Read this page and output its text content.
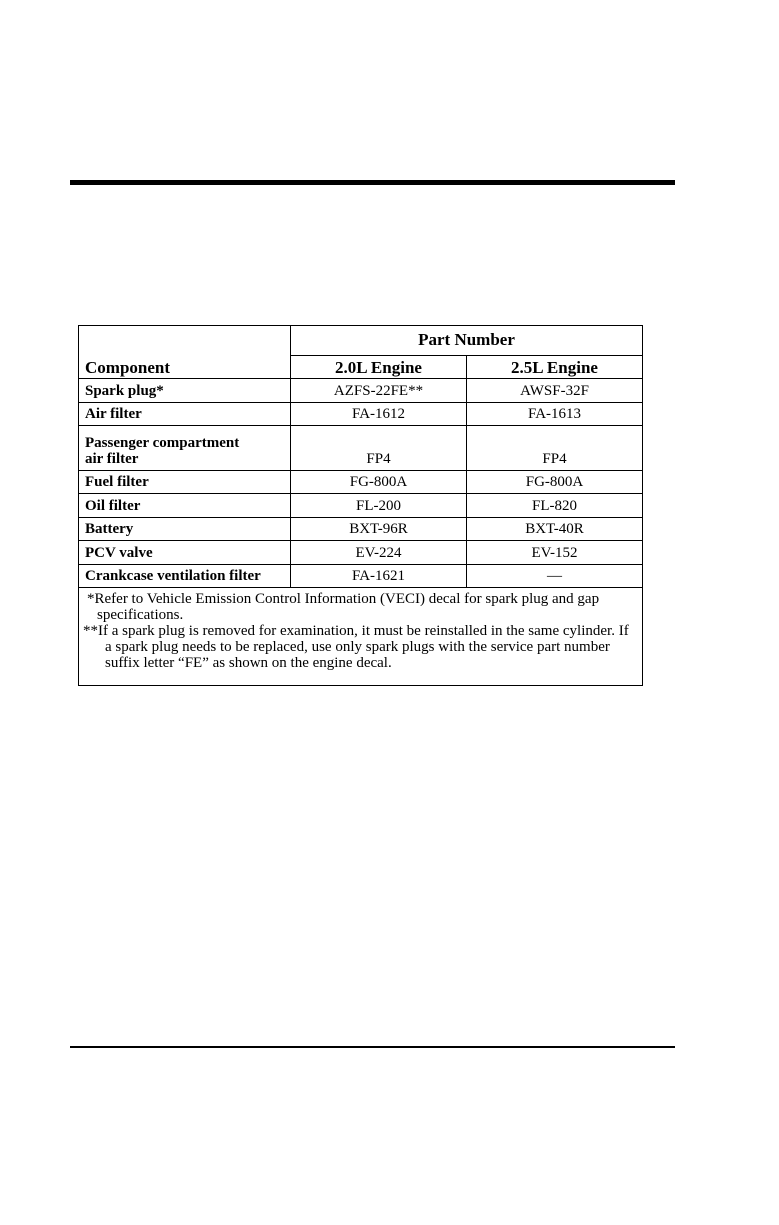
	Part Number	
Component	2.0L Engine	2.5L Engine
Spark plug*	AZFS-22FE**	AWSF-32F
Air filter	FA-1612	FA-1613

Passenger compartment
air filter	FP4	FP4
Fuel filter	FG-800A	FG-800A
Oil filter	FL-200	FL-820
Battery	BXT-96R	BXT-40R
PCV valve	EV-224	EV-152
Crankcase ventilation filter	FA-1621	—

*Refer to Vehicle Emission Control Information (VECI) decal for spark plug and gap specifications.

**If a spark plug is removed for examination, it must be reinstalled in the same cylinder. If a spark plug needs to be replaced, use only spark plugs with the service part number suffix letter “FE” as shown on the engine decal.		
